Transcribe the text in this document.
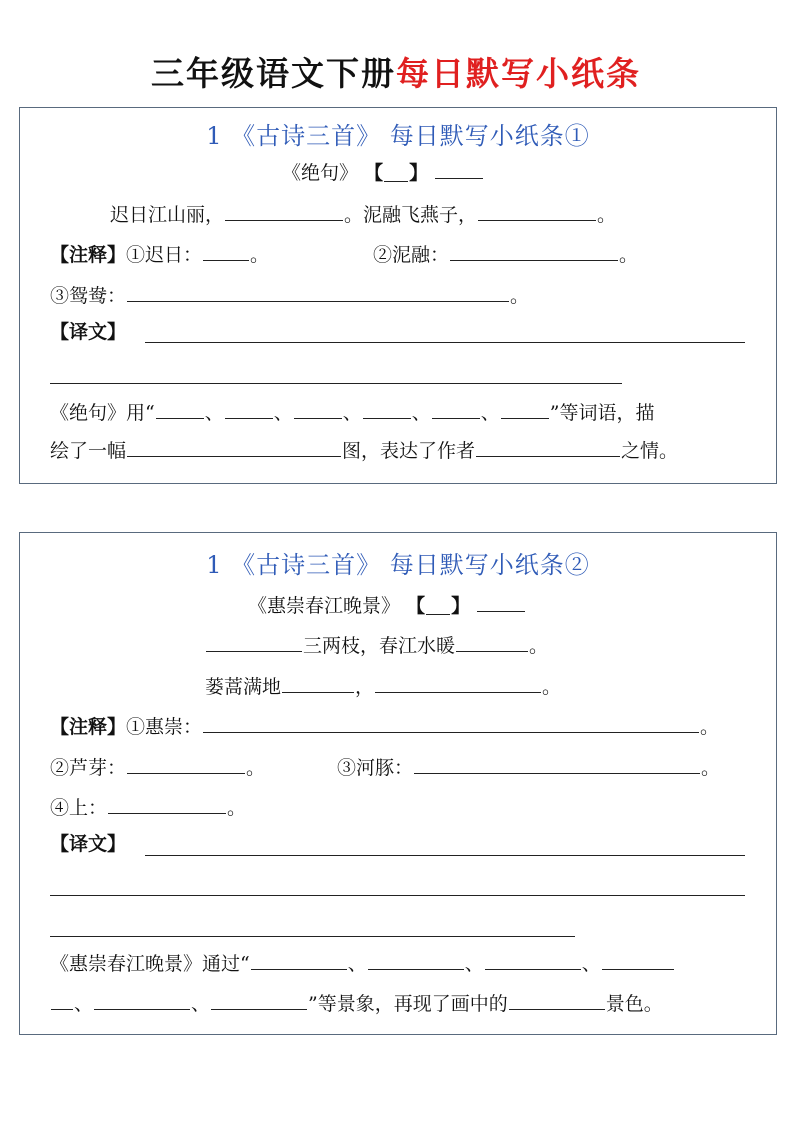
三年级语文下册每日默写小纸条
1 《古诗三首》 每日默写小纸条①
《绝句》 【 】
迟日江山丽，	。泥融飞燕子，	。
【注释】①迟日：	。	②泥融：	。
③鸳鸯：	。
【译文】
《绝句》用“	、	、	、	、	、	”等词语，描
绘了一幅	图，表达了作者	之情。
1 《古诗三首》 每日默写小纸条②
《惠崇春江晚景》 【 】
三两枝，春江水暖	。
蒌蒿满地	，	。
【注释】①惠崇：	。
②芦芽：	。	③河豚：	。
④上：	。
【译文】
《惠崇春江晚景》通过“	、	、	、
、	、	”等景象，再现了画中的	景色。
